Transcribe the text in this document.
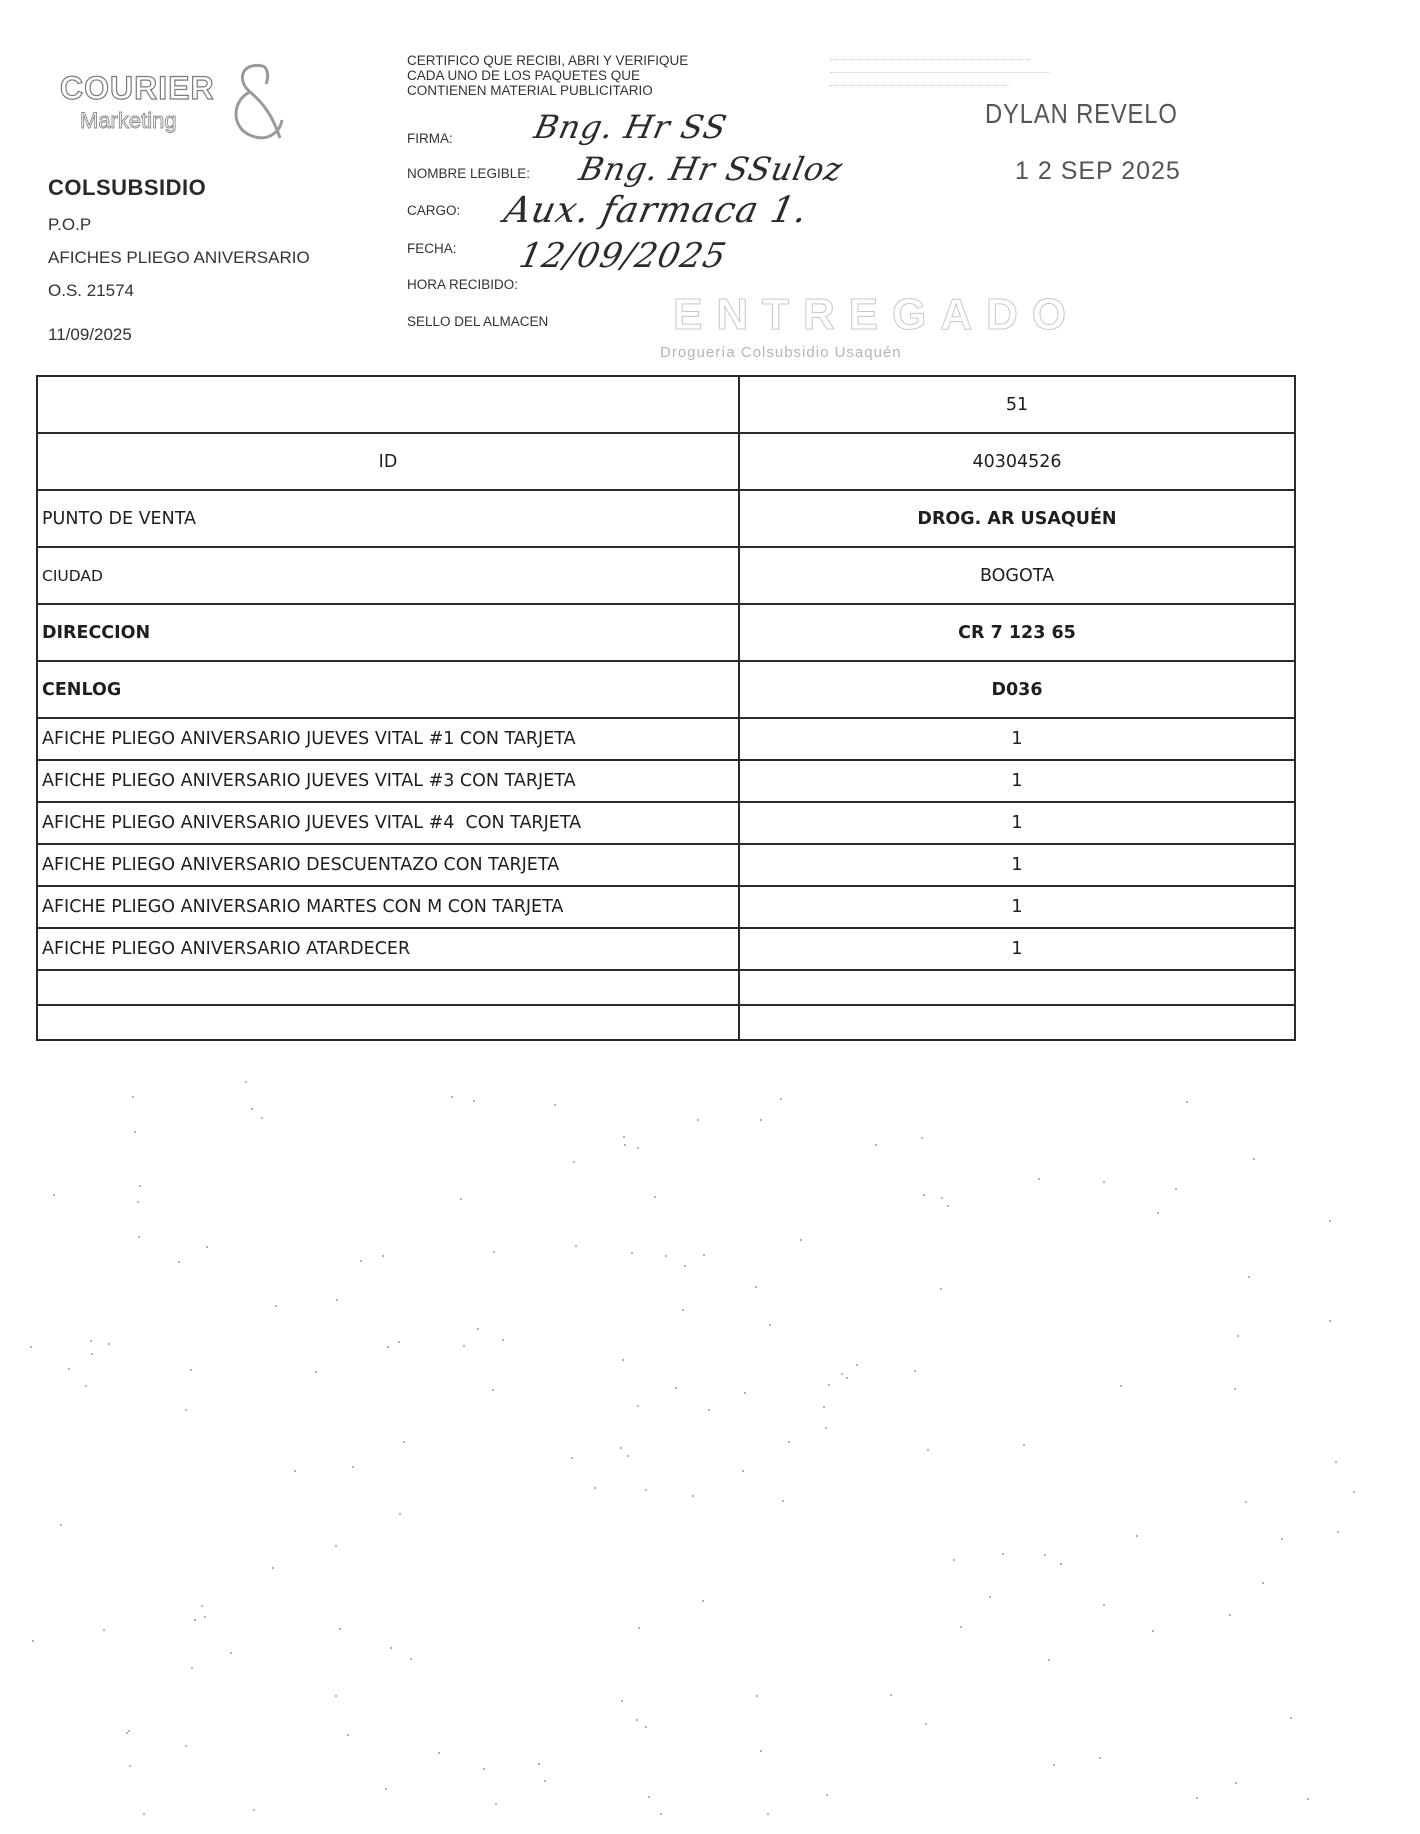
COURIER
Marketing
COLSUBSIDIO
P.O.P
AFICHES PLIEGO ANIVERSARIO
O.S. 21574
11/09/2025
CERTIFICO QUE RECIBI, ABRI Y VERIFIQUE
CADA UNO DE LOS PAQUETES QUE
CONTIENEN MATERIAL PUBLICITARIO
FIRMA:
NOMBRE LEGIBLE:
CARGO:
FECHA:
HORA RECIBIDO:
SELLO DEL ALMACEN
Bng. Hr SS
Bng. Hr SSuloz
Aux. farmaca 1.
12/09/2025
DYLAN REVELO
1 2 SEP 2025
ENTREGADO
Droguería Colsubsidio Usaquén
	51
ID	40304526
PUNTO DE VENTA	DROG. AR USAQUÉN
CIUDAD	BOGOTA
DIRECCION	CR 7 123 65
CENLOG	D036
AFICHE PLIEGO ANIVERSARIO JUEVES VITAL #1 CON TARJETA	1
AFICHE PLIEGO ANIVERSARIO JUEVES VITAL #3 CON TARJETA	1
AFICHE PLIEGO ANIVERSARIO JUEVES VITAL #4  CON TARJETA	1
AFICHE PLIEGO ANIVERSARIO DESCUENTAZO CON TARJETA	1
AFICHE PLIEGO ANIVERSARIO MARTES CON M CON TARJETA	1
AFICHE PLIEGO ANIVERSARIO ATARDECER	1
